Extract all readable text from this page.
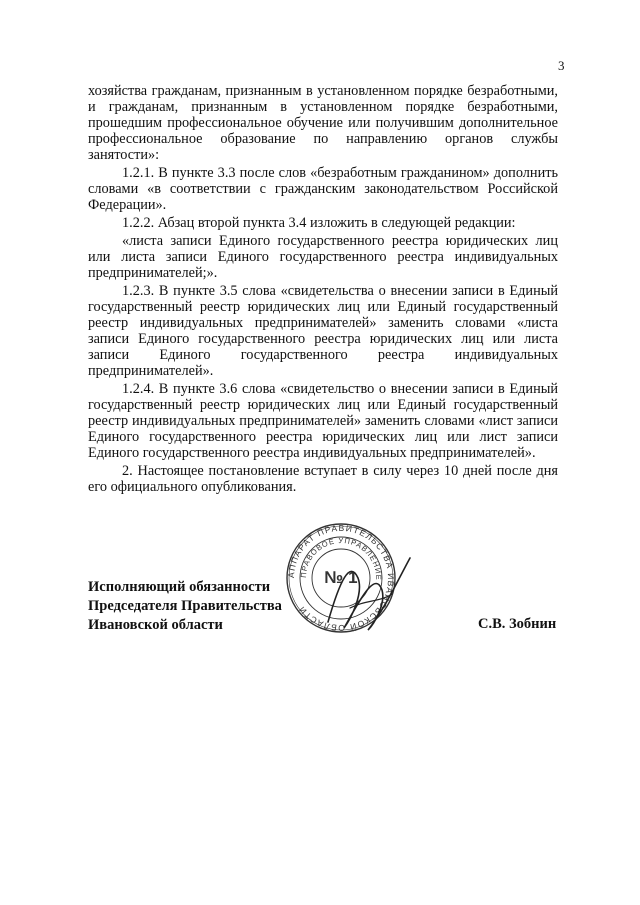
3

хозяйства гражданам, признанным в установленном порядке безработными, и гражданам, признанным в установленном порядке безработными, прошедшим профессиональное обучение или получившим дополнительное профессиональное образование по направлению органов службы занятости»:

1.2.1. В пункте 3.3 после слов «безработным гражданином» дополнить словами «в соответствии с гражданским законодательством Российской Федерации».

1.2.2. Абзац второй пункта 3.4 изложить в следующей редакции:

«листа записи Единого государственного реестра юридических лиц или листа записи Единого государственного реестра индивидуальных предпринимателей;».

1.2.3. В пункте 3.5 слова «свидетельства о внесении записи в Единый государственный реестр юридических лиц или Единый государственный реестр индивидуальных предпринимателей» заменить словами «листа записи Единого государственного реестра юридических лиц или листа записи Единого государственного реестра индивидуальных предпринимателей».

1.2.4. В пункте 3.6 слова «свидетельство о внесении записи в Единый государственный реестр юридических лиц или Единый государственный реестр индивидуальных предпринимателей» заменить словами «лист записи Единого государственного реестра юридических лиц или лист записи Единого государственного реестра индивидуальных предпринимателей».

2. Настоящее постановление вступает в силу через 10 дней после дня его официального опубликования.

АППАРАТ ПРАВИТЕЛЬСТВА ИВАНОВСКОЙ ОБЛАСТИ
ПРАВОВОЕ УПРАВЛЕНИЕ
№ 1
Исполняющий обязанности
Председателя Правительства
Ивановской области	С.В. Зобнин
